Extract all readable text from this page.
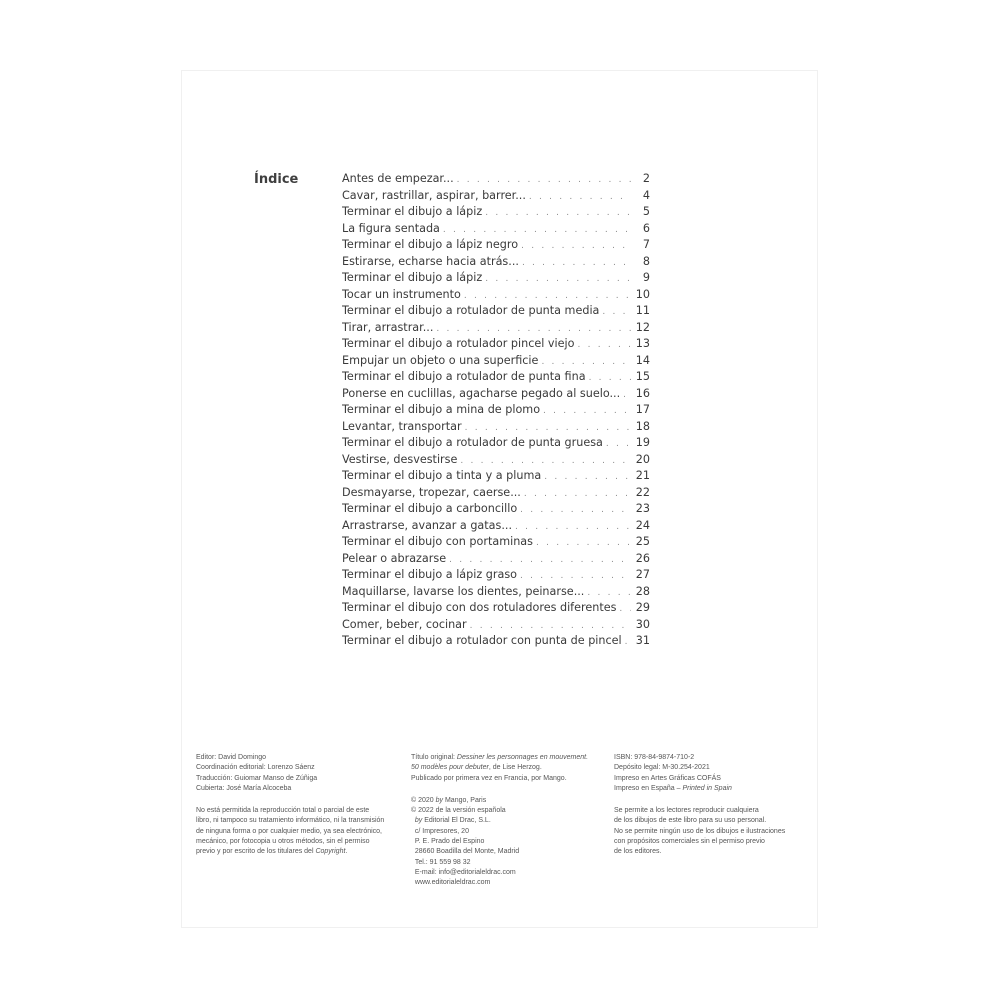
Índice	Antes de empezar... . . .	2
Cavar, rastrillar, aspirar, barrer... . . .	4
Terminar el dibujo a lápiz . . .	5
La figura sentada . . .	6
Terminar el dibujo a lápiz negro . . .	7
Estirarse, echarse hacia atrás... . . .	8
Terminar el dibujo a lápiz . . .	9
Tocar un instrumento . . .	10
Terminar el dibujo a rotulador de punta media . . .	11
Tirar, arrastrar... . . .	12
Terminar el dibujo a rotulador pincel viejo . . .	13
Empujar un objeto o una superficie . . .	14
Terminar el dibujo a rotulador de punta fina . . .	15
Ponerse en cuclillas, agacharse pegado al suelo... . . . 16
Terminar el dibujo a mina de plomo . . .	17
Levantar, transportar . . .	18
Terminar el dibujo a rotulador de punta gruesa . . .	19
Vestirse, desvestirse . . .	20
Terminar el dibujo a tinta y a pluma . . .	21
Desmayarse, tropezar, caerse... . . .	22
Terminar el dibujo a carboncillo . . .	23
Arrastrarse, avanzar a gatas... . . .	24
Terminar el dibujo con portaminas . . .	25
Pelear o abrazarse . . .	26
Terminar el dibujo a lápiz graso . . .	27
Maquillarse, lavarse los dientes, peinarse... . . .	28
Terminar el dibujo con dos rotuladores diferentes . . . 29
Comer, beber, cocinar . . .	30
Terminar el dibujo a rotulador con punta de pincel . . . 31
Editor: David Domingo
Coordinación editorial: Lorenzo Sáenz
Traducción: Guiomar Manso de Zúñiga
Cubierta: José María Alcoceba
No está permitida la reproducción total o parcial de este
libro, ni tampoco su tratamiento informático, ni la transmisión
de ninguna forma o por cualquier medio, ya sea electrónico,
mecánico, por fotocopia u otros métodos, sin el permiso
previo y por escrito de los titulares del Copyright.
Título original: Dessiner les personnages en mouvement.
50 modèles pour debuter, de Lise Herzog.
Publicado por primera vez en Francia, por Mango.
© 2020 by Mango, Paris
© 2022 de la versión española
by Editorial El Drac, S.L.
c/ Impresores, 20
P. E. Prado del Espino
28660 Boadilla del Monte, Madrid
Tel.: 91 559 98 32
E-mail: info@editorialeldrac.com
www.editorialeldrac.com
ISBN: 978-84-9874-710-2
Depósito legal: M-30.254-2021
Impreso en Artes Gráficas COFÁS
Impreso en España – Printed in Spain
Se permite a los lectores reproducir cualquiera
de los dibujos de este libro para su uso personal.
No se permite ningún uso de los dibujos e ilustraciones
con propósitos comerciales sin el permiso previo
de los editores.
